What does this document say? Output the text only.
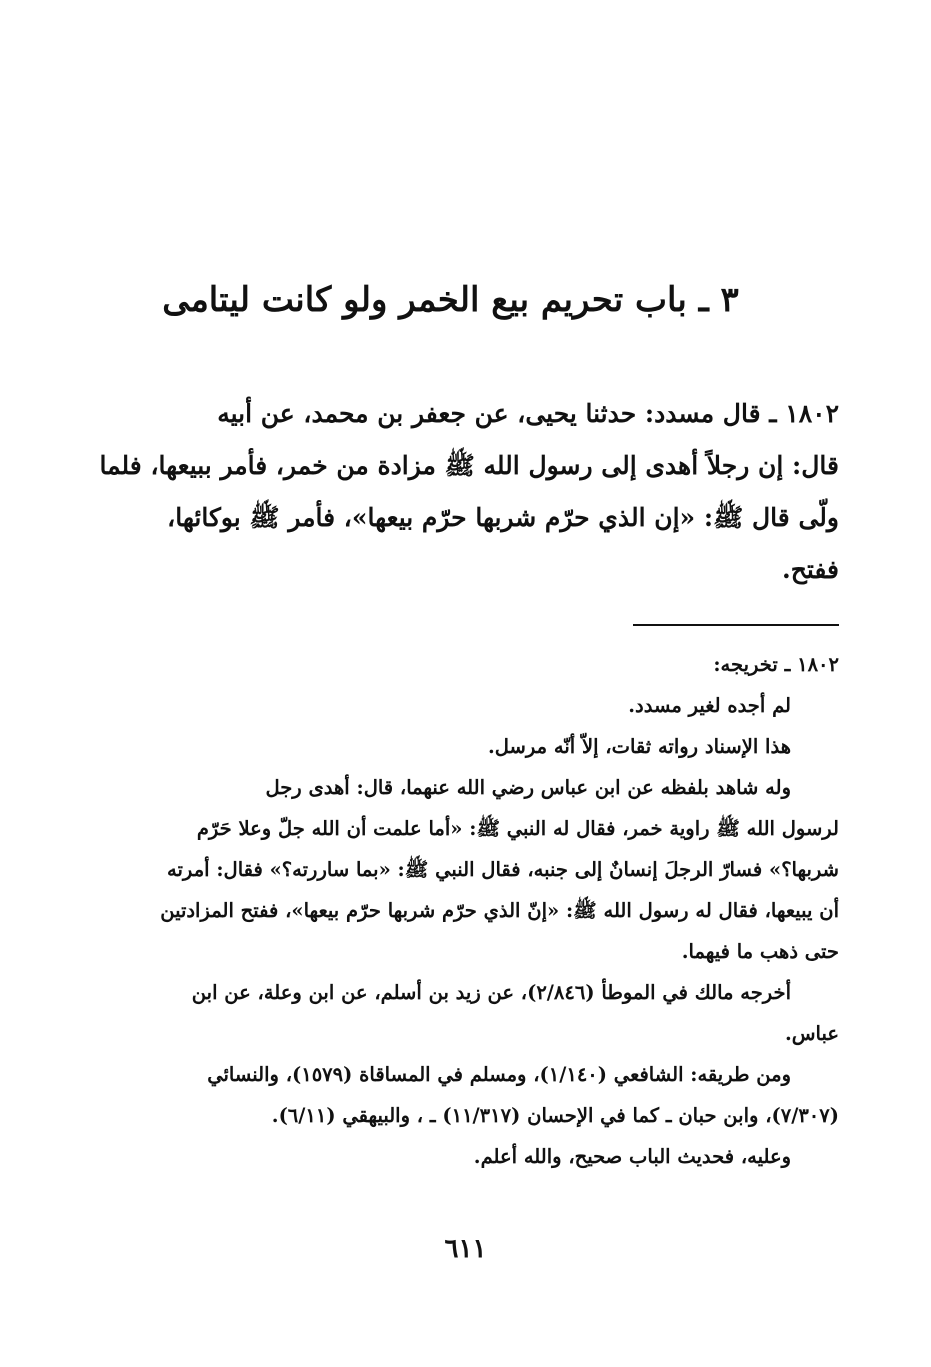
٣ ـ باب تحريم بيع الخمر ولو كانت ليتامى
١٨٠٢ ـ قال مسدد: حدثنا يحيى، عن جعفر بن محمد، عن أبيه
قال: إن رجلاً أهدى إلى رسول الله ﷺ مزادة من خمر، فأمر ببيعها، فلما
ولّى قال ﷺ: «إن الذي حرّم شربها حرّم بيعها»، فأمر ﷺ بوكائها،
ففتح.
١٨٠٢ ـ تخريجه:
لم أجده لغير مسدد.
هذا الإسناد رواته ثقات، إلاّ أنّه مرسل.
وله شاهد بلفظه عن ابن عباس رضي الله عنهما، قال: أهدى رجل
لرسول الله ﷺ راوية خمر، فقال له النبي ﷺ: «أما علمت أن الله جلّ وعلا حَرّم
شربها؟» فسارّ الرجلَ إنسانٌ إلى جنبه، فقال النبي ﷺ: «بما ساررته؟» فقال: أمرته
أن يبيعها، فقال له رسول الله ﷺ: «إنّ الذي حرّم شربها حرّم بيعها»، ففتح المزادتين
حتى ذهب ما فيهما.
أخرجه مالك في الموطأ (٢/٨٤٦)، عن زيد بن أسلم، عن ابن وعلة، عن ابن
عباس.
ومن طريقه: الشافعي (١/١٤٠)، ومسلم في المساقاة (١٥٧٩)، والنسائي
(٧/٣٠٧)، وابن حبان ـ كما في الإحسان (١١/٣١٧) ـ ، والبيهقي (٦/١١).
وعليه، فحديث الباب صحيح، والله أعلم.
٦١١
